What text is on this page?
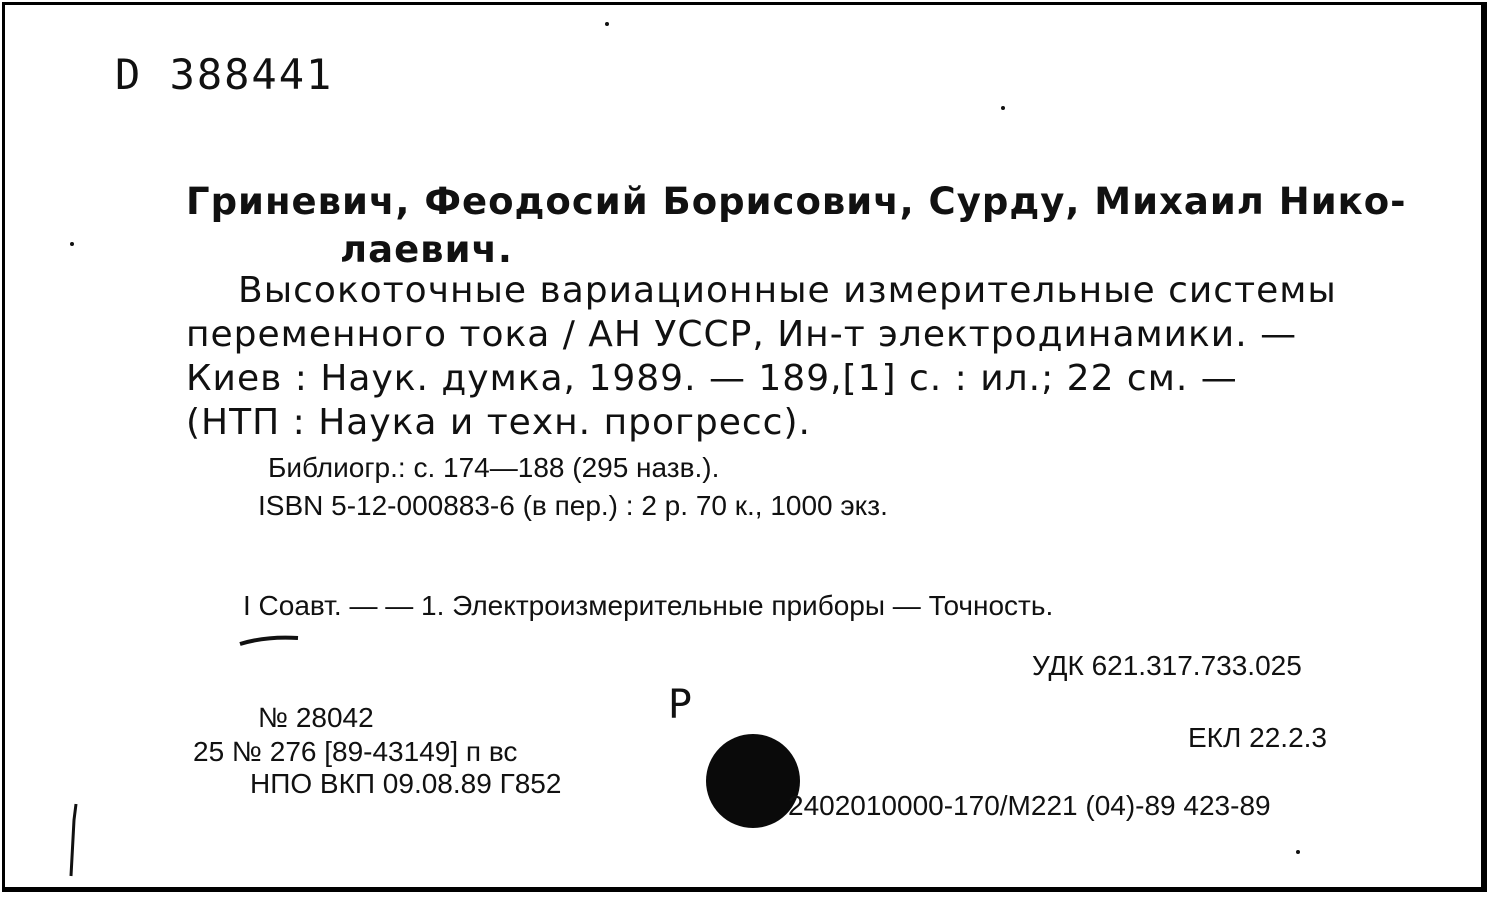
D 388441
Гриневич, Феодосий Борисович, Сурду, Михаил Нико-
лаевич.
Высокоточные вариационные измерительные системы
переменного тока / АН УССР, Ин-т электродинамики. —
Киев : Наук. думка, 1989. — 189,[1] с. : ил.; 22 см. —
(НТП : Наука и техн. прогресс).
Библиогр.: с. 174—188 (295 назв.).
ISBN 5-12-000883-6 (в пер.) : 2 р. 70 к., 1000 экз.
I Соавт. — — 1. Электроизмерительные приборы — Точность.
УДК 621.317.733.025
Р
ЕКЛ 22.2.3
№ 28042
25 № 276 [89-43149] п вс
НПО ВКП 09.08.89 Г852
2402010000-170/М221 (04)-89 423-89
